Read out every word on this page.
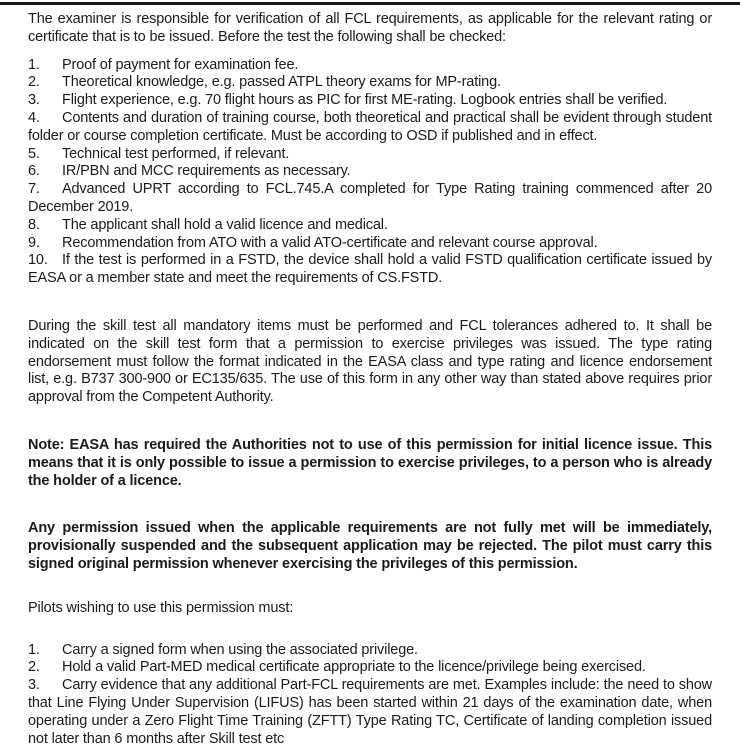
The examiner is responsible for verification of all FCL requirements, as applicable for the relevant rating or certificate that is to be issued. Before the test the following shall be checked:

1. Proof of payment for examination fee.
2. Theoretical knowledge, e.g. passed ATPL theory exams for MP-rating.
3. Flight experience, e.g. 70 flight hours as PIC for first ME-rating. Logbook entries shall be verified.
4. Contents and duration of training course, both theoretical and practical shall be evident through student folder or course completion certificate. Must be according to OSD if published and in effect.
5. Technical test performed, if relevant.
6. IR/PBN and MCC requirements as necessary.
7. Advanced UPRT according to FCL.745.A completed for Type Rating training commenced after 20 December 2019.
8. The applicant shall hold a valid licence and medical.
9. Recommendation from ATO with a valid ATO-certificate and relevant course approval.
10. If the test is performed in a FSTD, the device shall hold a valid FSTD qualification certificate issued by EASA or a member state and meet the requirements of CS.FSTD.

During the skill test all mandatory items must be performed and FCL tolerances adhered to. It shall be indicated on the skill test form that a permission to exercise privileges was issued. The type rating endorsement must follow the format indicated in the EASA class and type rating and licence endorsement list, e.g. B737 300-900 or EC135/635. The use of this form in any other way than stated above requires prior approval from the Competent Authority.

Note: EASA has required the Authorities not to use of this permission for initial licence issue. This means that it is only possible to issue a permission to exercise privileges, to a person who is already the holder of a licence.

Any permission issued when the applicable requirements are not fully met will be immediately, provisionally suspended and the subsequent application may be rejected. The pilot must carry this signed original permission whenever exercising the privileges of this permission.

Pilots wishing to use this permission must:

1. Carry a signed form when using the associated privilege.
2. Hold a valid Part-MED medical certificate appropriate to the licence/privilege being exercised.
3. Carry evidence that any additional Part-FCL requirements are met. Examples include: the need to show that Line Flying Under Supervision (LIFUS) has been started within 21 days of the examination date, when operating under a Zero Flight Time Training (ZFTT) Type Rating TC, Certificate of landing completion issued not later than 6 months after Skill test etc
